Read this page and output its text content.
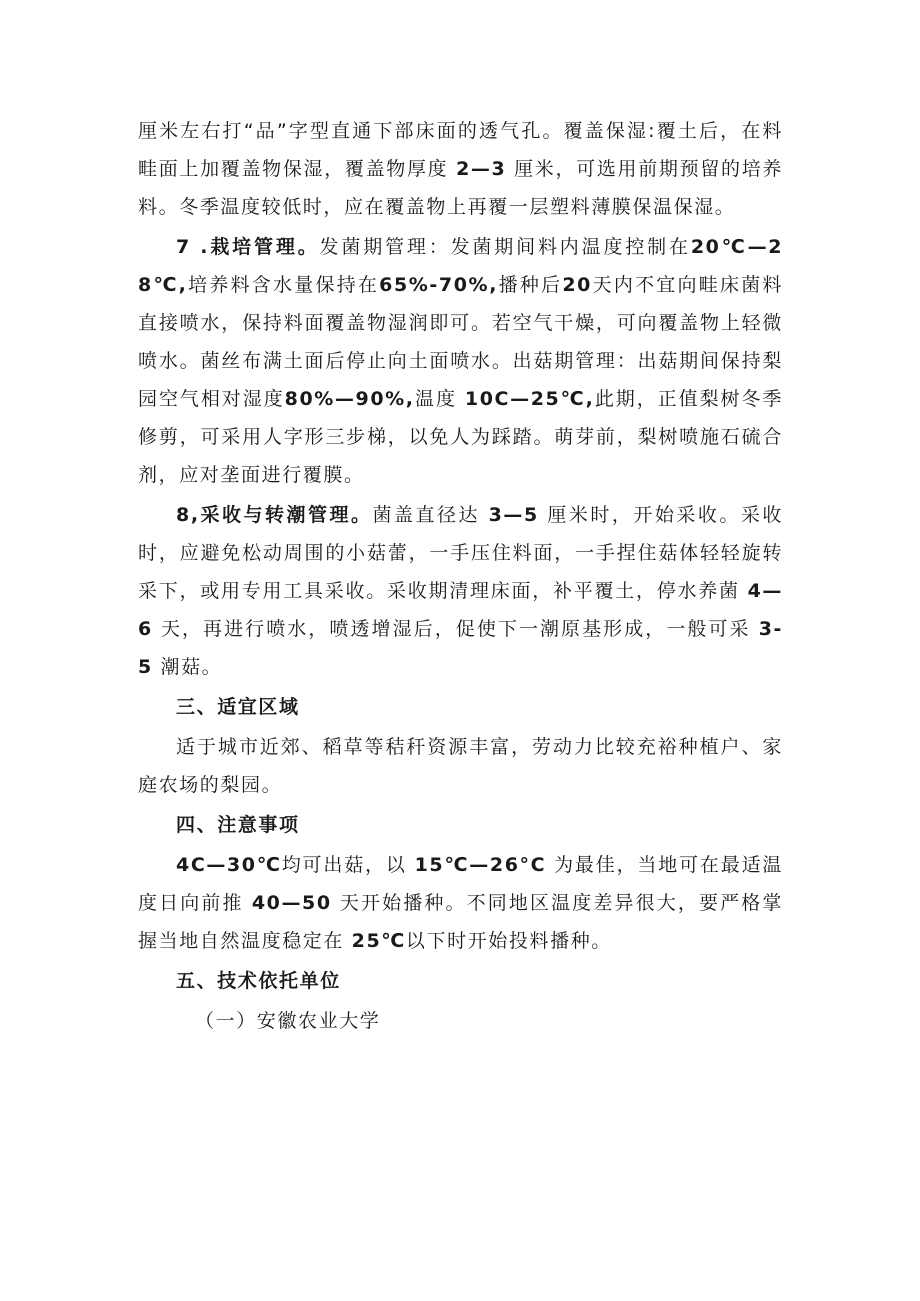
厘米左右打“品”字型直通下部床面的透气孔。覆盖保湿:覆土后，在料畦面上加覆盖物保湿，覆盖物厚度 2—3 厘米，可选用前期预留的培养料。冬季温度较低时，应在覆盖物上再覆一层塑料薄膜保温保湿。

7 .栽培管理。发菌期管理：发菌期间料内温度控制在20℃—28℃,培养料含水量保持在65%-70%,播种后20天内不宜向畦床菌料直接喷水，保持料面覆盖物湿润即可。若空气干燥，可向覆盖物上轻微喷水。菌丝布满土面后停止向土面喷水。出菇期管理：出菇期间保持梨园空气相对湿度80%—90%,温度 10C—25℃,此期，正值梨树冬季修剪，可采用人字形三步梯，以免人为踩踏。萌芽前，梨树喷施石硫合剂，应对垄面进行覆膜。

8,采收与转潮管理。菌盖直径达 3—5 厘米时，开始采收。采收时，应避免松动周围的小菇蕾，一手压住料面，一手捏住菇体轻轻旋转采下，或用专用工具采收。采收期清理床面，补平覆土，停水养菌 4—6 天，再进行喷水，喷透增湿后，促使下一潮原基形成，一般可采 3-5 潮菇。

三、适宜区域

适于城市近郊、稻草等秸秆资源丰富，劳动力比较充裕种植户、家庭农场的梨园。

四、注意事项

4C—30℃均可出菇，以 15℃—26°C 为最佳，当地可在最适温度日向前推 40—50 天开始播种。不同地区温度差异很大，要严格掌握当地自然温度稳定在 25℃以下时开始投料播种。

五、技术依托单位

（一）安徽农业大学
